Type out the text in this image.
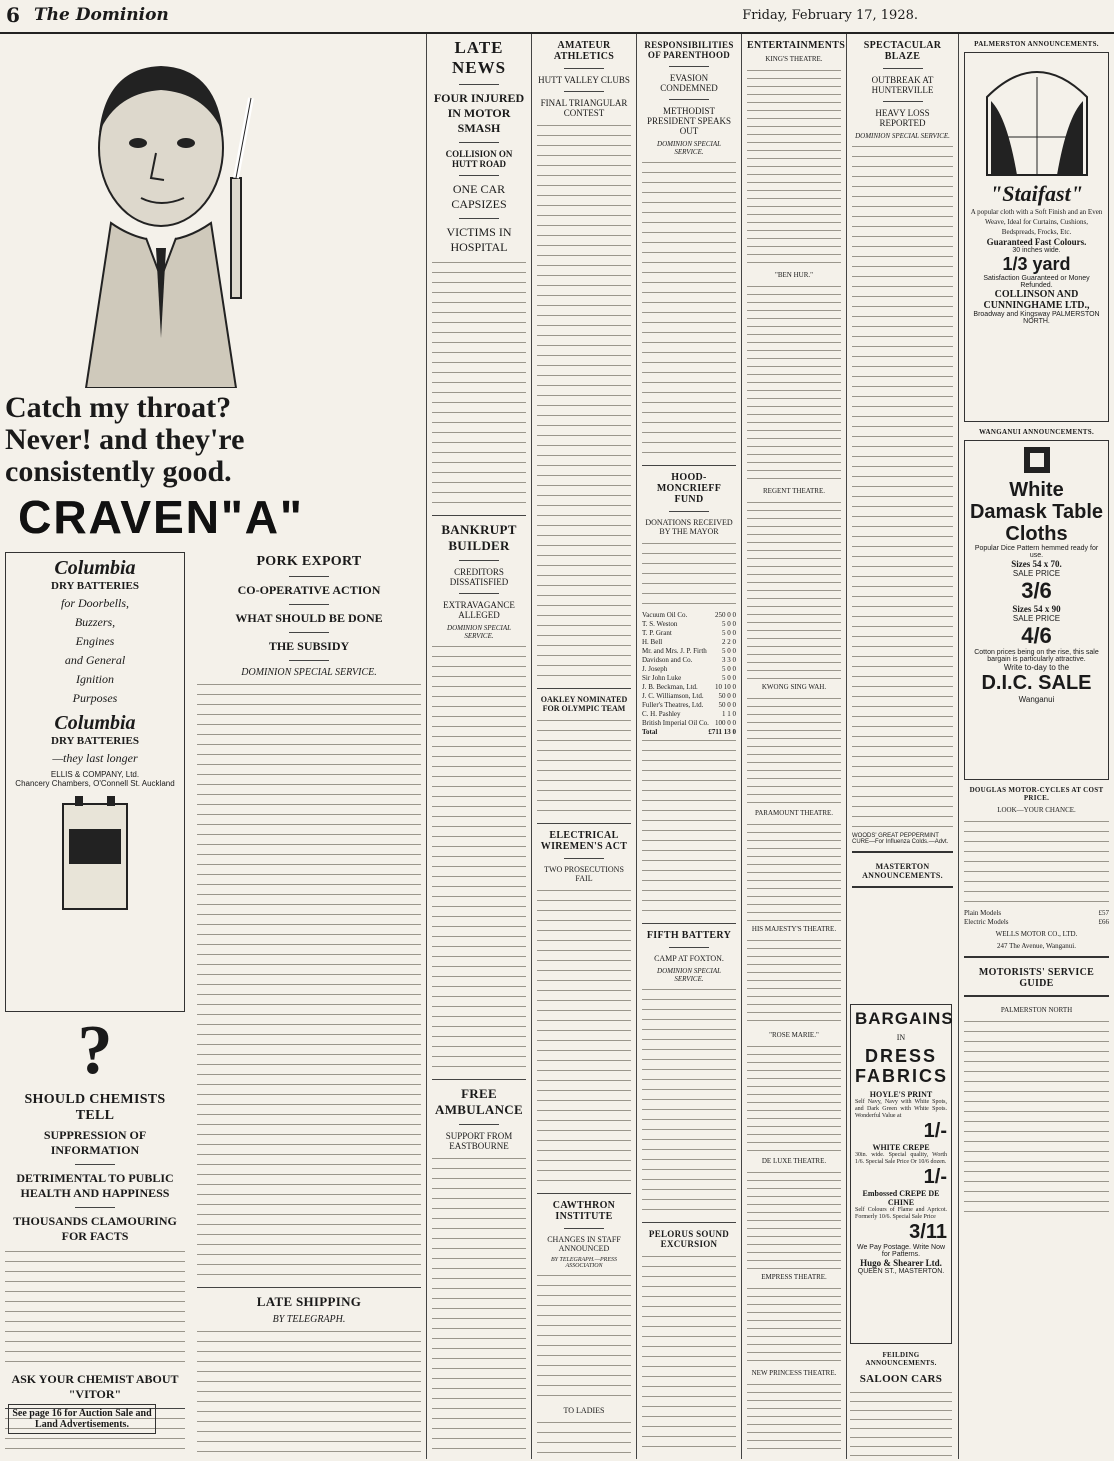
6 The Dominion	Friday, February 17, 1928.
Catch my throat? Never! and they're consistently good.
CRAVEN"A"
Columbia
DRY BATTERIES
for Doorbells,
Buzzers,
Engines
and General
Ignition
Purposes
Columbia
DRY BATTERIES
—they last longer
ELLIS & COMPANY, Ltd.
Chancery Chambers, O'Connell St. Auckland
?
SHOULD CHEMISTS TELL
SUPPRESSION OF INFORMATION
DETRIMENTAL TO PUBLIC HEALTH AND HAPPINESS
THOUSANDS CLAMOURING FOR FACTS
ASK YOUR CHEMIST ABOUT "VITOR"
See page 16 for Auction Sale and Land Advertisements.
PORK EXPORT
CO-OPERATIVE ACTION
WHAT SHOULD BE DONE
THE SUBSIDY
DOMINION SPECIAL SERVICE.
LATE SHIPPING
BY TELEGRAPH.
LATE NEWS
FOUR INJURED IN MOTOR SMASH
COLLISION ON HUTT ROAD
ONE CAR CAPSIZES
VICTIMS IN HOSPITAL
BANKRUPT BUILDER
CREDITORS DISSATISFIED
EXTRAVAGANCE ALLEGED
DOMINION SPECIAL SERVICE.
FREE AMBULANCE
SUPPORT FROM EASTBOURNE
AMATEUR ATHLETICS
HUTT VALLEY CLUBS
FINAL TRIANGULAR CONTEST
OAKLEY NOMINATED FOR OLYMPIC TEAM
ELECTRICAL WIREMEN'S ACT
TWO PROSECUTIONS FAIL
CAWTHRON INSTITUTE
CHANGES IN STAFF ANNOUNCED
BY TELEGRAPH.—PRESS ASSOCIATION
TO LADIES
RESPONSIBILITIES OF PARENTHOOD
EVASION CONDEMNED
METHODIST PRESIDENT SPEAKS OUT
DOMINION SPECIAL SERVICE.
HOOD-MONCRIEFF FUND
DONATIONS RECEIVED BY THE MAYOR
Vacuum Oil Co.	250 0 0
T. S. Weston	5 0 0
T. P. Grant	5 0 0
H. Bell	2 2 0
Mr. and Mrs. J. P. Firth 5 0 0
Davidson and Co.	3 3 0
J. Joseph	5 0 0
Sir John Luke	5 0 0
J. B. Beckman, Ltd. 10 10 0
J. C. Williamson, Ltd. 50 0 0
Fuller's Theatres, Ltd. 50 0 0
C. H. Pashley	1 1 0
British Imperial Oil Co. 100 0 0
Total	£711 13 0
FIFTH BATTERY
CAMP AT FOXTON.
DOMINION SPECIAL SERVICE.
PELORUS SOUND EXCURSION
ENTERTAINMENTS
KING'S THEATRE.
"BEN HUR."
REGENT THEATRE.
KWONG SING WAH.
PARAMOUNT THEATRE.
HIS MAJESTY'S THEATRE.
"ROSE MARIE."
DE LUXE THEATRE.
EMPRESS THEATRE.
NEW PRINCESS THEATRE.
SPECTACULAR BLAZE
OUTBREAK AT HUNTERVILLE
HEAVY LOSS REPORTED
DOMINION SPECIAL SERVICE.
WOODS' GREAT PEPPERMINT CURE—For Influenza Colds.—Advt.
MASTERTON ANNOUNCEMENTS.
BARGAINS
IN
DRESS FABRICS
HOYLE'S PRINT
Self Navy, Navy with White Spots, and Dark Green with White Spots. Wonderful Value at
1/-
WHITE CREPE
30in. wide. Special quality, Worth 1/6. Special Sale Price Or 10/6 dozen.
1/-
Embossed CREPE DE CHINE
Self Colours of Flame and Apricot. Formerly 10/6. Special Sale Price
3/11
We Pay Postage. Write Now for Patterns.
Hugo & Shearer Ltd.
QUEEN ST., MASTERTON.
FEILDING ANNOUNCEMENTS.
SALOON CARS
PALMERSTON ANNOUNCEMENTS.
"Staifast"
A popular cloth with a Soft Finish and an Even Weave, Ideal for Curtains, Cushions, Bedspreads, Frocks, Etc.
Guaranteed Fast Colours.
30 inches wide.
1/3 yard
Satisfaction Guaranteed or Money Refunded.
COLLINSON AND CUNNINGHAME LTD.,
Broadway and Kingsway PALMERSTON NORTH.
WANGANUI ANNOUNCEMENTS.
White Damask Table Cloths
Popular Dice Pattern hemmed ready for use.
Sizes 54 x 70.
SALE PRICE
3/6
Sizes 54 x 90
SALE PRICE
4/6
Cotton prices being on the rise, this sale bargain is particularly attractive.
Write to-day to the
D.I.C. SALE
Wanganui
DOUGLAS MOTOR-CYCLES AT COST PRICE.
LOOK—YOUR CHANCE.
Plain Models	£57
Electric Models	£66
WELLS MOTOR CO., LTD.
247 The Avenue, Wanganui.
MOTORISTS' SERVICE GUIDE
PALMERSTON NORTH
